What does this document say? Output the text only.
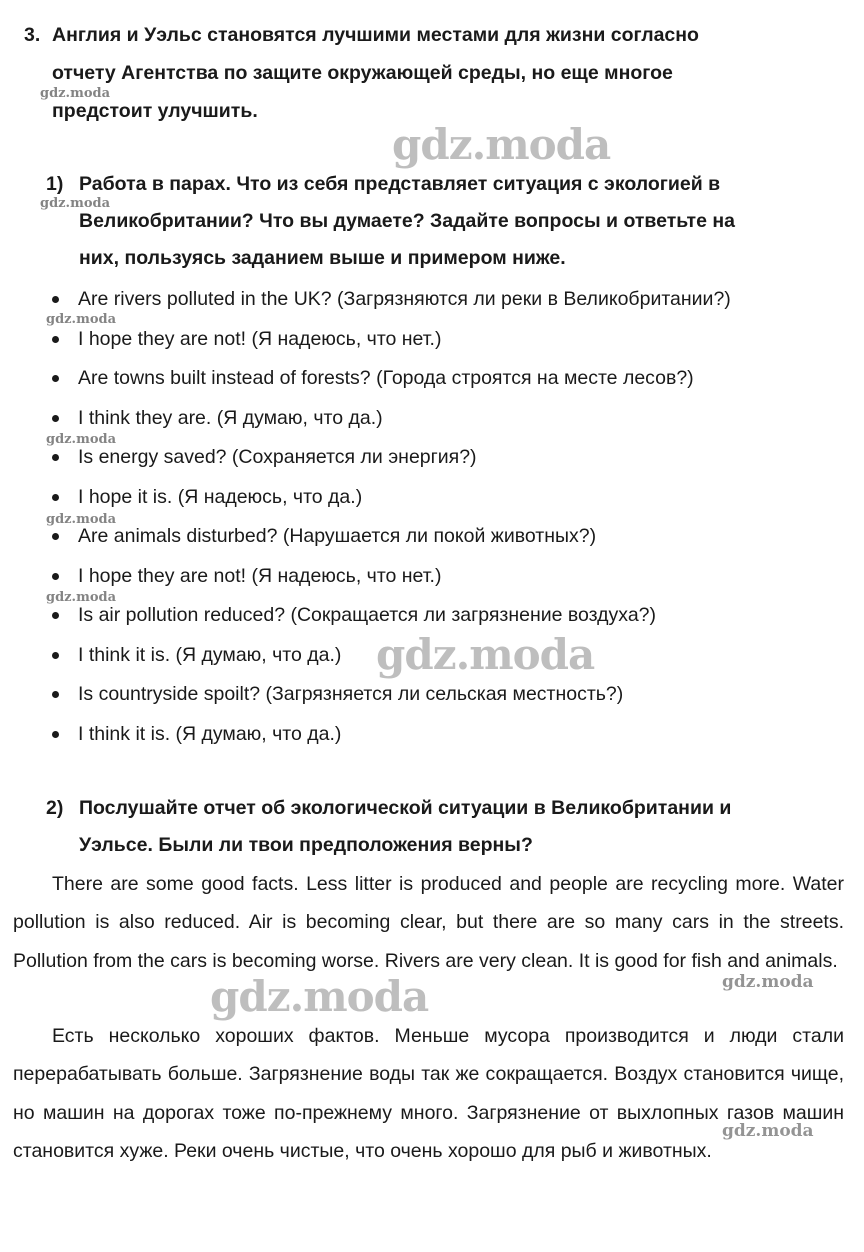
3. Англия и Уэльс становятся лучшими местами для жизни согласно
отчету Агентства по защите окружающей среды, но еще многое
предстоит улучшить.
1) Работа в парах. Что из себя представляет ситуация с экологией в
Великобритании? Что вы думаете? Задайте вопросы и ответьте на
них, пользуясь заданием выше и примером ниже.
Are rivers polluted in the UK? (Загрязняются ли реки в Великобритании?)
I hope they are not! (Я надеюсь, что нет.)
Are towns built instead of forests? (Города строятся на месте лесов?)
I think they are. (Я думаю, что да.)
Is energy saved? (Сохраняется ли энергия?)
I hope it is. (Я надеюсь, что да.)
Are animals disturbed? (Нарушается ли покой животных?)
I hope they are not! (Я надеюсь, что нет.)
Is air pollution reduced? (Сокращается ли загрязнение воздуха?)
I think it is. (Я думаю, что да.)
Is countryside spoilt? (Загрязняется ли сельская местность?)
I think it is. (Я думаю, что да.)
2) Послушайте отчет об экологической ситуации в Великобритании и
Уэльсе. Были ли твои предположения верны?

There are some good facts. Less litter is produced and people are recycling more. Water pollution is also reduced. Air is becoming clear, but there are so many cars in the streets. Pollution from the cars is becoming worse. Rivers are very clean. It is good for fish and animals.

Есть несколько хороших фактов. Меньше мусора производится и люди стали перерабатывать больше. Загрязнение воды так же сокращается. Воздух становится чище, но машин на дорогах тоже по-прежнему много. Загрязнение от выхлопных газов машин становится хуже. Реки очень чистые, что очень хорошо для рыб и животных.

gdz.moda
gdz.moda
gdz.moda
gdz.moda
gdz.moda
gdz.moda
gdz.moda
gdz.moda
gdz.moda	gdz.moda
gdz.moda
